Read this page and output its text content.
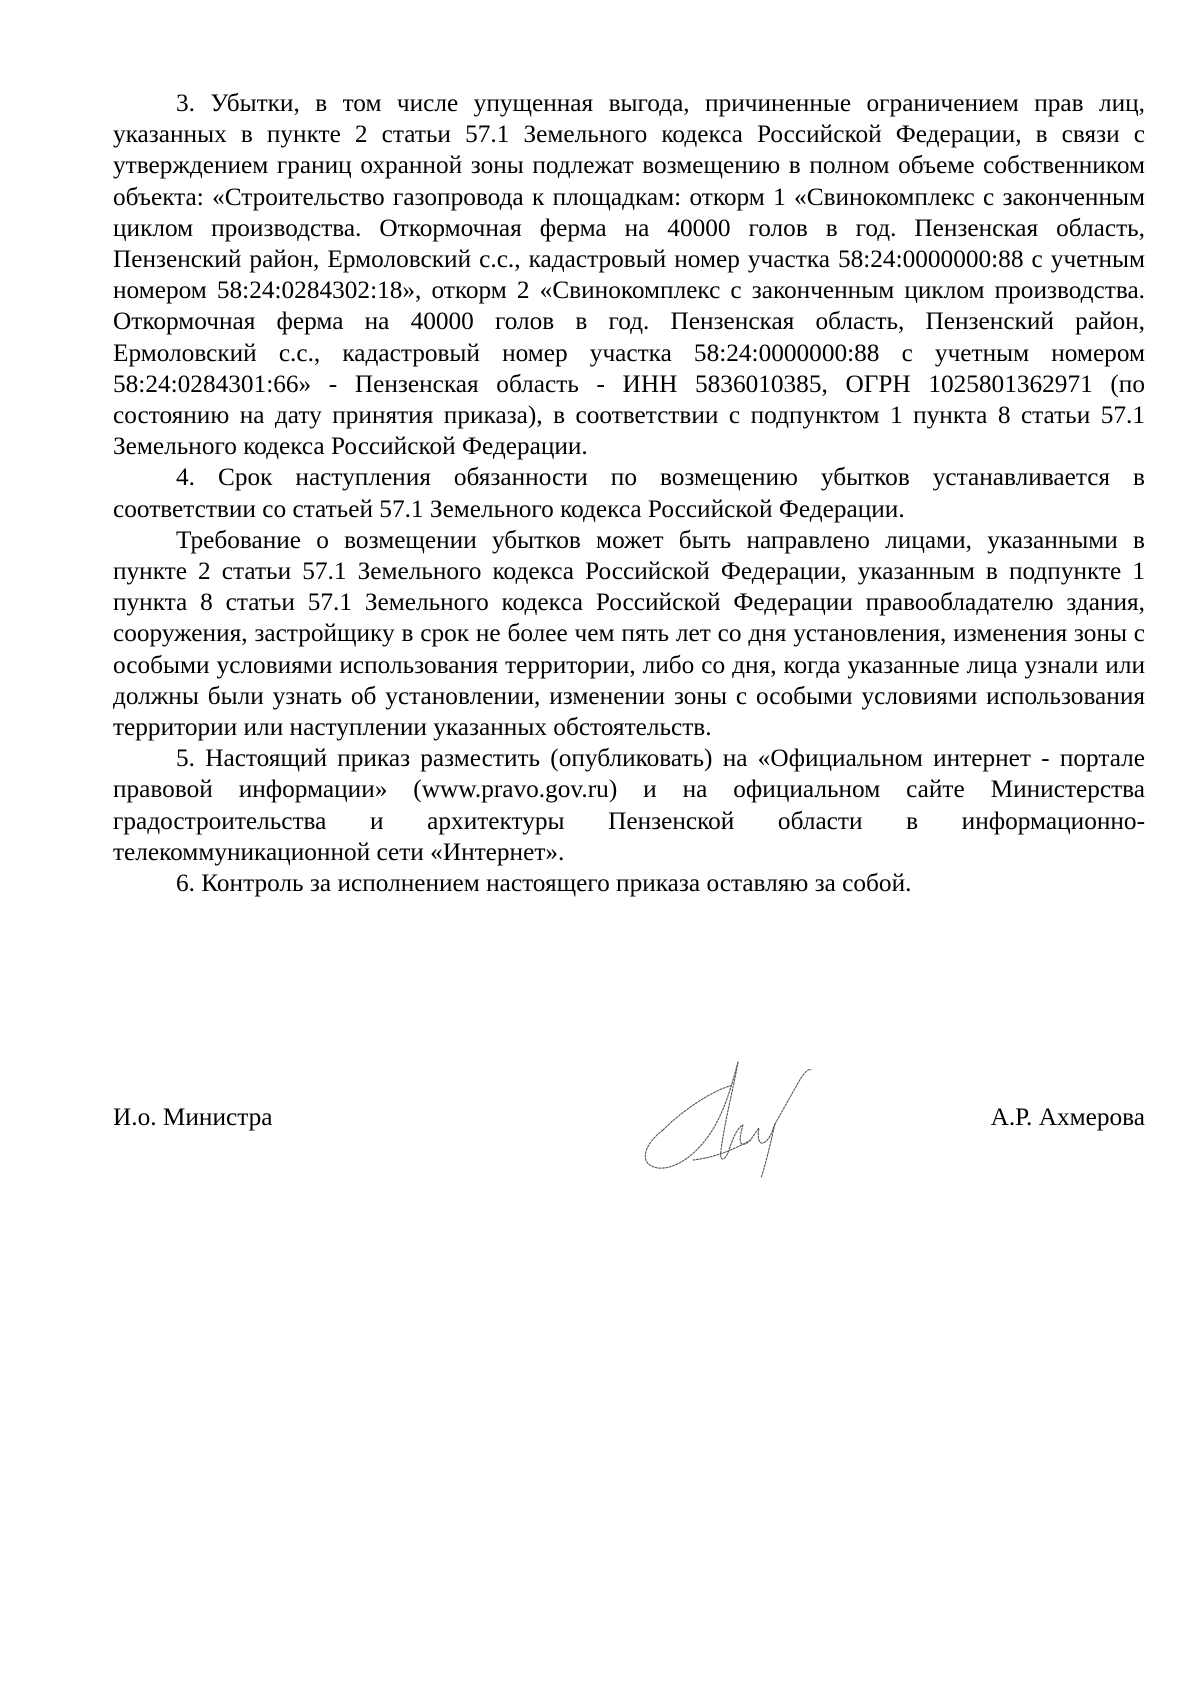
3. Убытки, в том числе упущенная выгода, причиненные ограничением прав лиц, указанных в пункте 2 статьи 57.1 Земельного кодекса Российской Федерации, в связи с утверждением границ охранной зоны подлежат возмещению в полном объеме собственником объекта: «Строительство газопровода к площадкам: откорм 1 «Свинокомплекс с законченным циклом производства. Откормочная ферма на 40000 голов в год. Пензенская область, Пензенский район, Ермоловский с.с., кадастровый номер участка 58:24:0000000:88 с учетным номером 58:24:0284302:18», откорм 2 «Свинокомплекс с законченным циклом производства. Откормочная ферма на 40000 голов в год. Пензенская область, Пензенский район, Ермоловский с.с., кадастровый номер участка 58:24:0000000:88 с учетным номером 58:24:0284301:66» - Пензенская область - ИНН 5836010385, ОГРН 1025801362971 (по состоянию на дату принятия приказа), в соответствии с подпунктом 1 пункта 8 статьи 57.1 Земельного кодекса Российской Федерации.

4. Срок наступления обязанности по возмещению убытков устанавливается в соответствии со статьей 57.1 Земельного кодекса Российской Федерации.

Требование о возмещении убытков может быть направлено лицами, указанными в пункте 2 статьи 57.1 Земельного кодекса Российской Федерации, указанным в подпункте 1 пункта 8 статьи 57.1 Земельного кодекса Российской Федерации правообладателю здания, сооружения, застройщику в срок не более чем пять лет со дня установления, изменения зоны с особыми условиями использования территории, либо со дня, когда указанные лица узнали или должны были узнать об установлении, изменении зоны с особыми условиями использования территории или наступлении указанных обстоятельств.

5. Настоящий приказ разместить (опубликовать) на «Официальном интернет - портале правовой информации» (www.pravo.gov.ru) и на официальном сайте Министерства градостроительства и архитектуры Пензенской области в информационно-телекоммуникационной сети «Интернет».

6. Контроль за исполнением настоящего приказа оставляю за собой.

И.о. Министра	А.Р. Ахмерова
